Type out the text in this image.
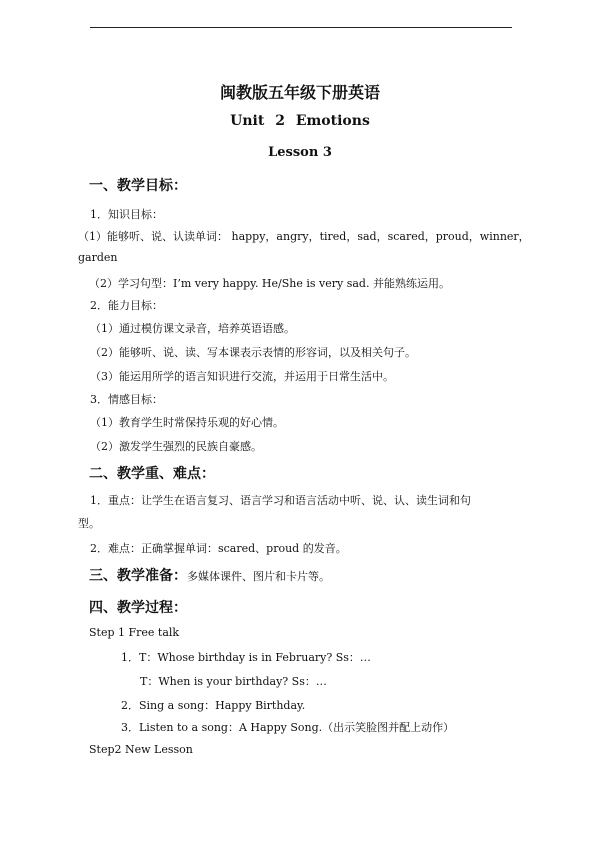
闽教版五年级下册英语
Unit 2 Emotions
Lesson 3
一、教学目标：
1．知识目标：
（1）能够听、说、认读单词： happy，angry，tired，sad，scared，proud，winner，
garden
（2）学习句型：I’m very happy. He/She is very sad. 并能熟练运用。
2．能力目标：
（1）通过模仿课文录音，培养英语语感。
（2）能够听、说、读、写本课表示表情的形容词，以及相关句子。
（3）能运用所学的语言知识进行交流，并运用于日常生活中。
3．情感目标：
（1）教育学生时常保持乐观的好心情。
（2）激发学生强烈的民族自豪感。
二、教学重、难点：
1．重点：让学生在语言复习、语言学习和语言活动中听、说、认、读生词和句
型。
2．难点：正确掌握单词：scared、proud 的发音。
三、教学准备：多媒体课件、图片和卡片等。
四、教学过程：
Step 1 Free talk
1．T：Whose birthday is in February? Ss：…
T：When is your birthday? Ss：…
2．Sing a song：Happy Birthday.
3．Listen to a song：A Happy Song.（出示笑脸图并配上动作）
Step2 New Lesson
